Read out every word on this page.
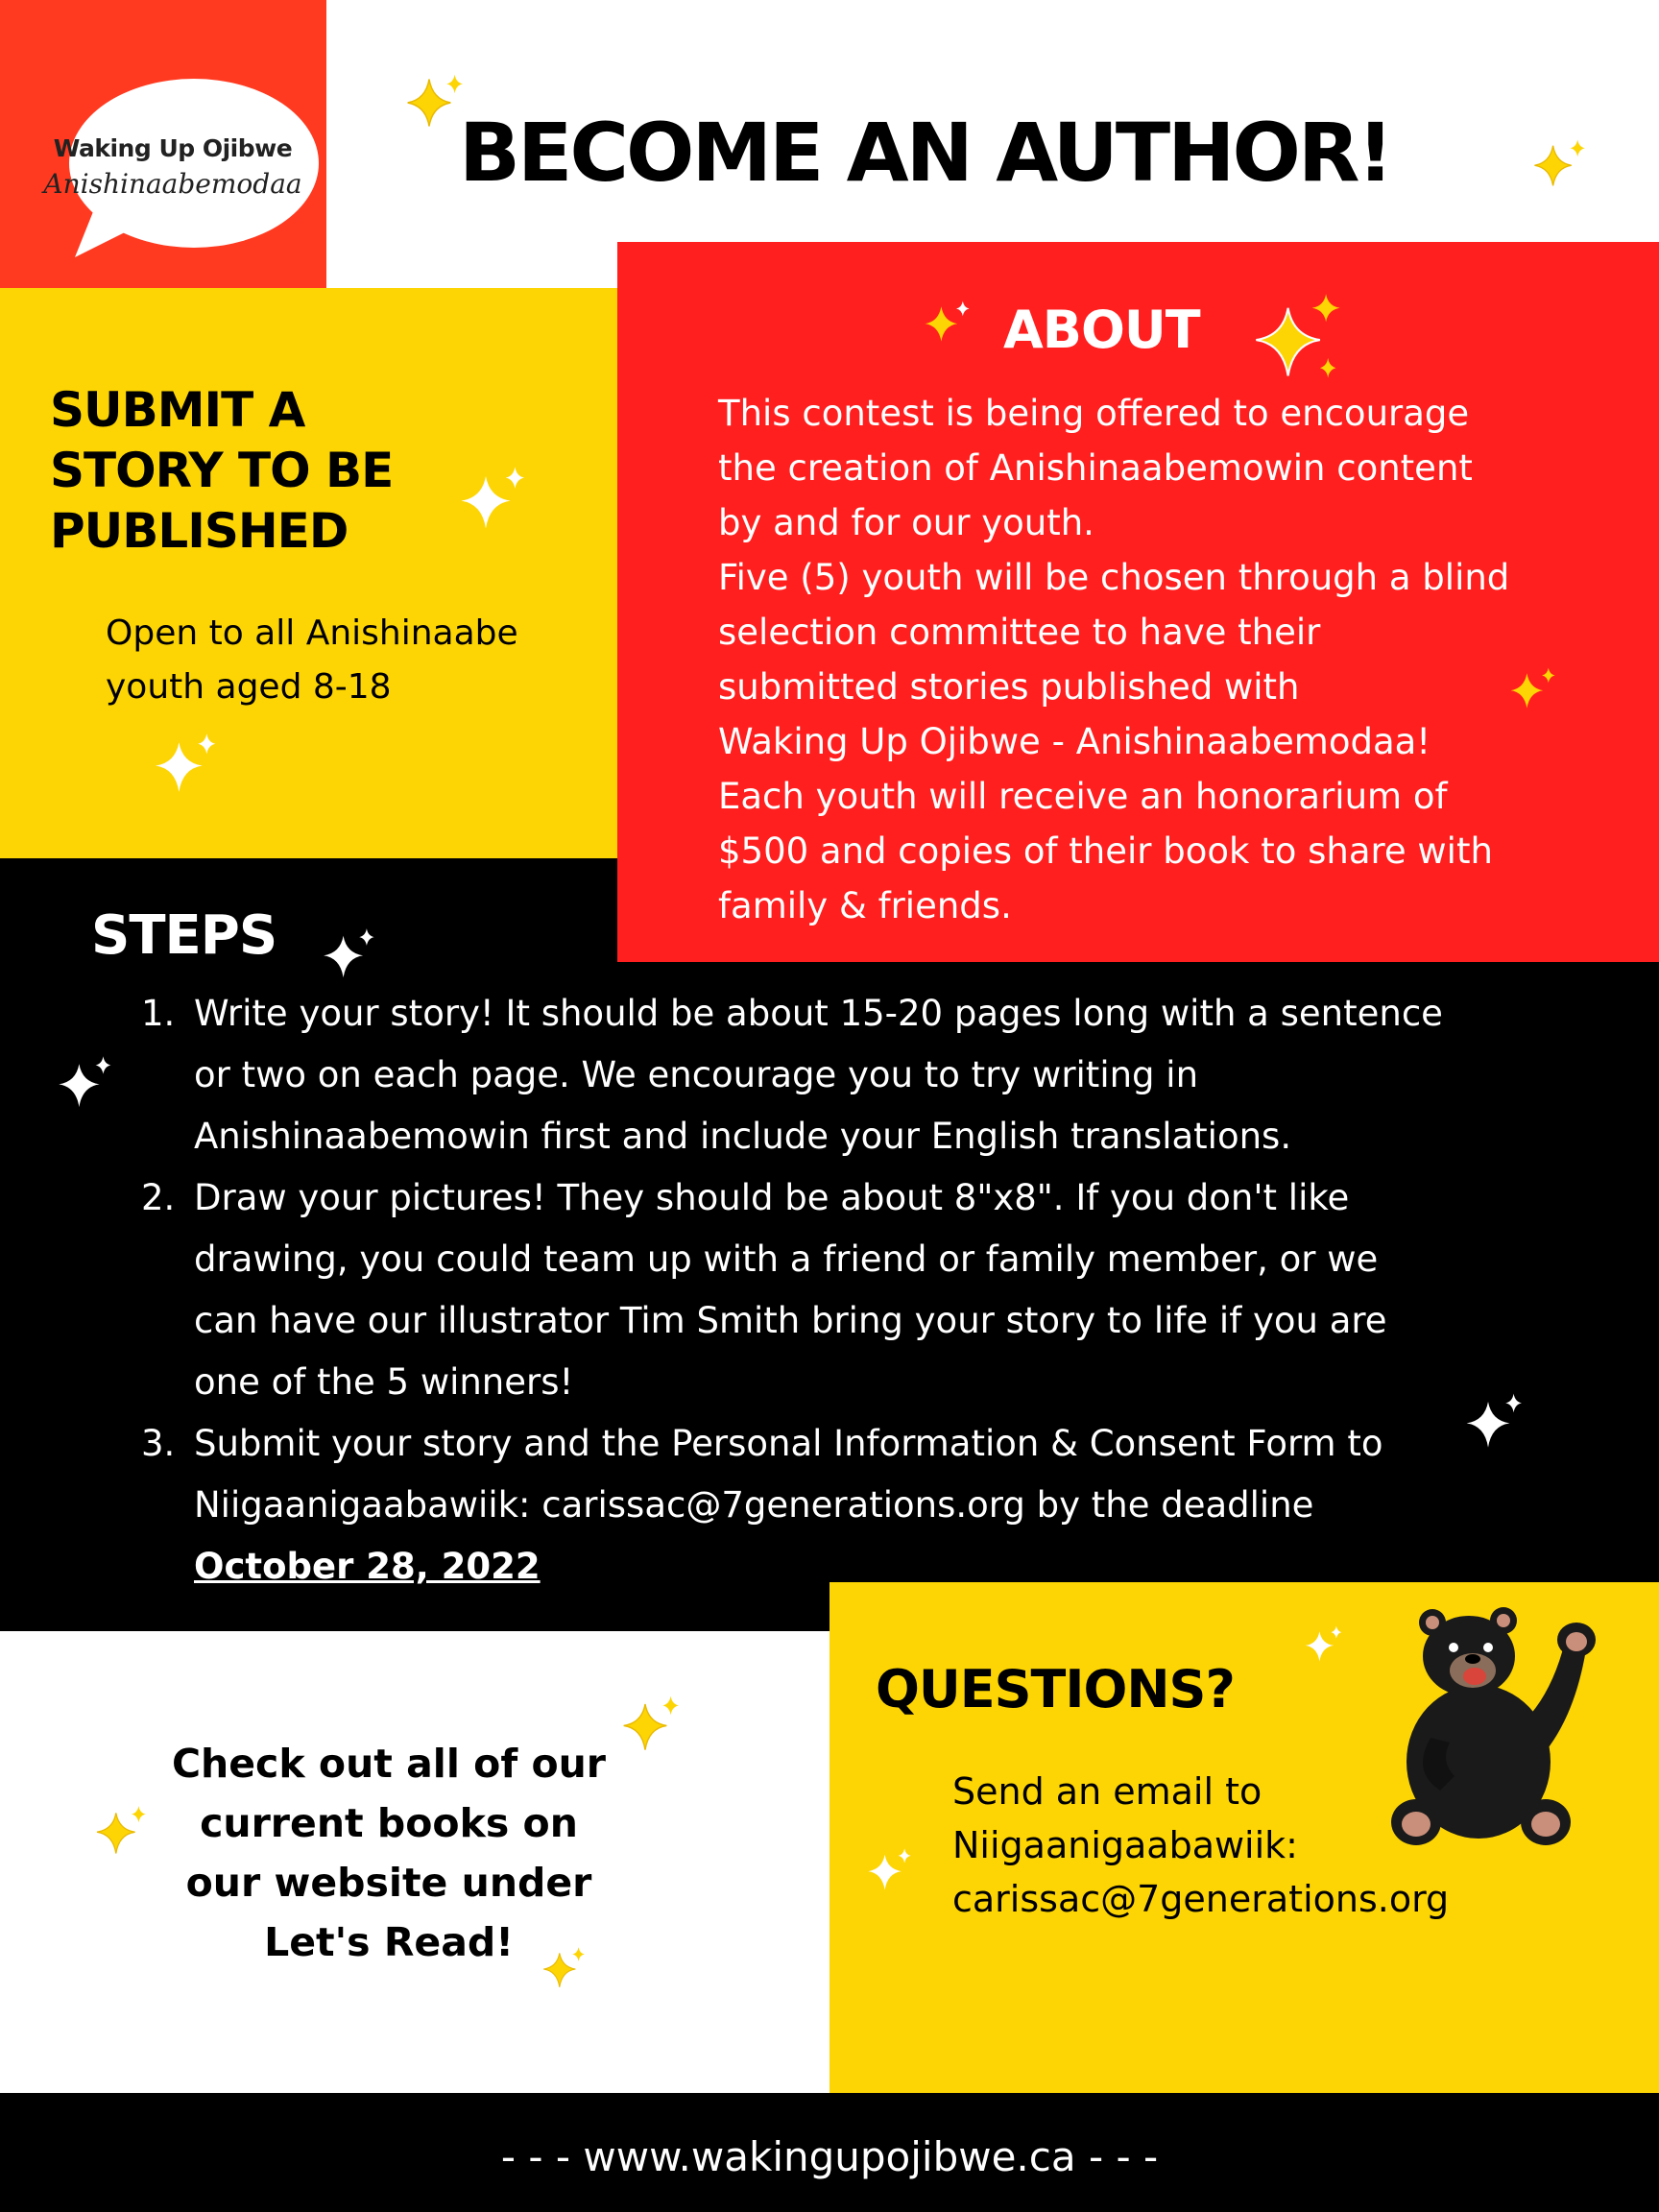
Waking Up Ojibwe
Anishinaabemodaa BECOME AN AUTHOR!
SUBMIT A
STORY TO BE
PUBLISHED
Open to all Anishinaabe
youth aged 8-18
ABOUT
This contest is being offered to encourage
the creation of Anishinaabemowin content
by and for our youth.
Five (5) youth will be chosen through a blind
selection committee to have their
submitted stories published with
Waking Up Ojibwe - Anishinaabemodaa!
Each youth will receive an honorarium of
$500 and copies of their book to share with
family & friends.
STEPS
1. Write your story! It should be about 15-20 pages long with a sentence
or two on each page. We encourage you to try writing in
Anishinaabemowin first and include your English translations.
2. Draw your pictures! They should be about 8"x8". If you don't like
drawing, you could team up with a friend or family member, or we
can have our illustrator Tim Smith bring your story to life if you are
one of the 5 winners!
3. Submit your story and the Personal Information & Consent Form to
Niigaanigaabawiik: carissac@7generations.org by the deadline
October 28, 2022
Check out all of our
current books on
our website under
Let's Read!
QUESTIONS?
Send an email to
Niigaanigaabawiik:
carissac@7generations.org
- - - www.wakingupojibwe.ca - - -
